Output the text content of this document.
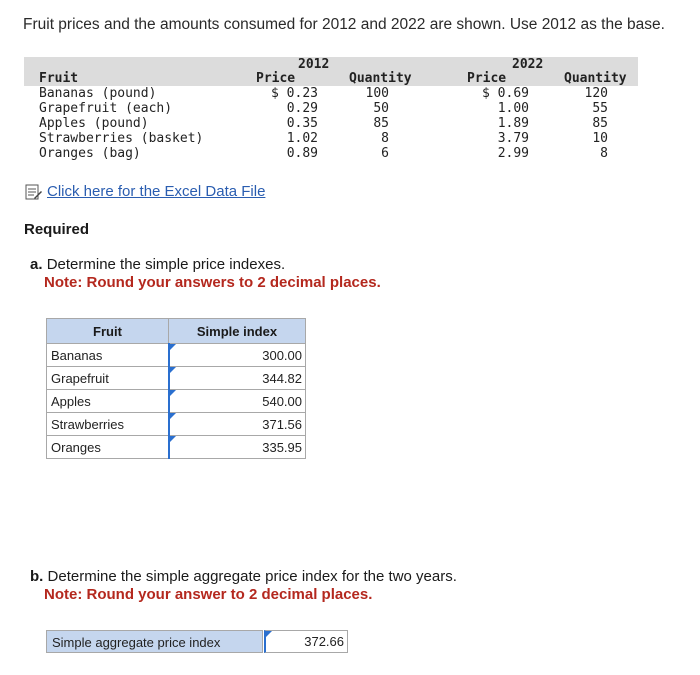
Fruit prices and the amounts consumed for 2012 and 2022 are shown. Use 2012 as the base.
2012	2022
Fruit	Price	Quantity	Price	Quantity
Bananas (pound)	$ 0.23	100	$ 0.69	120
Grapefruit (each)	0.29	50	1.00	55
Apples (pound)	0.35	85	1.89	85
Strawberries (basket)	1.02	8	3.79	10
Oranges (bag)	0.89	6	2.99	8
Click here for the Excel Data File
Required
a. Determine the simple price indexes.
Note: Round your answers to 2 decimal places.
Fruit	Simple index
Bananas	300.00
Grapefruit	344.82
Apples	540.00
Strawberries	371.56
Oranges	335.95
b. Determine the simple aggregate price index for the two years.
Note: Round your answer to 2 decimal places.
Simple aggregate price index	372.66
